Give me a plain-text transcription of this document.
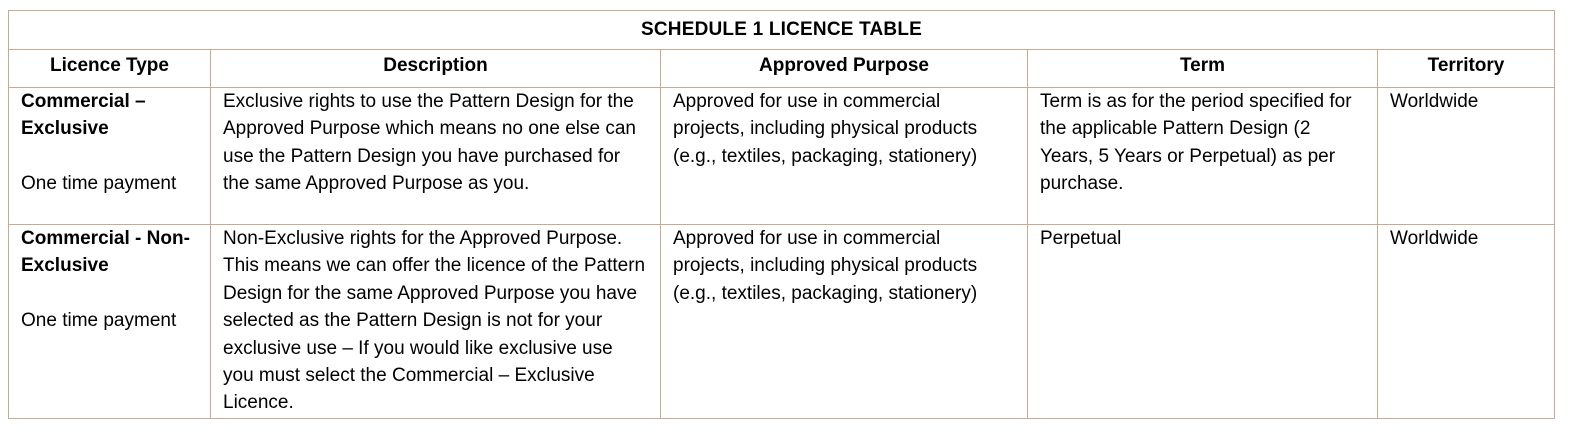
SCHEDULE 1 LICENCE TABLE				
Licence Type	Description	Approved Purpose	Term	Territory

Commercial – Exclusive
One time payment	Exclusive rights to use the Pattern Design for the Approved Purpose which means no one else can use the Pattern Design you have purchased for the same Approved Purpose as you.	Approved for use in commercial projects, including physical products (e.g., textiles, packaging, stationery)	Term is as for the period specified for the applicable Pattern Design (2 Years, 5 Years or Perpetual) as per purchase.	Worldwide

Commercial - Non-Exclusive
One time payment	Non-Exclusive rights for the Approved Purpose. This means we can offer the licence of the Pattern Design for the same Approved Purpose you have selected as the Pattern Design is not for your exclusive use – If you would like exclusive use you must select the Commercial – Exclusive Licence.	Approved for use in commercial projects, including physical products (e.g., textiles, packaging, stationery)	Perpetual	Worldwide
